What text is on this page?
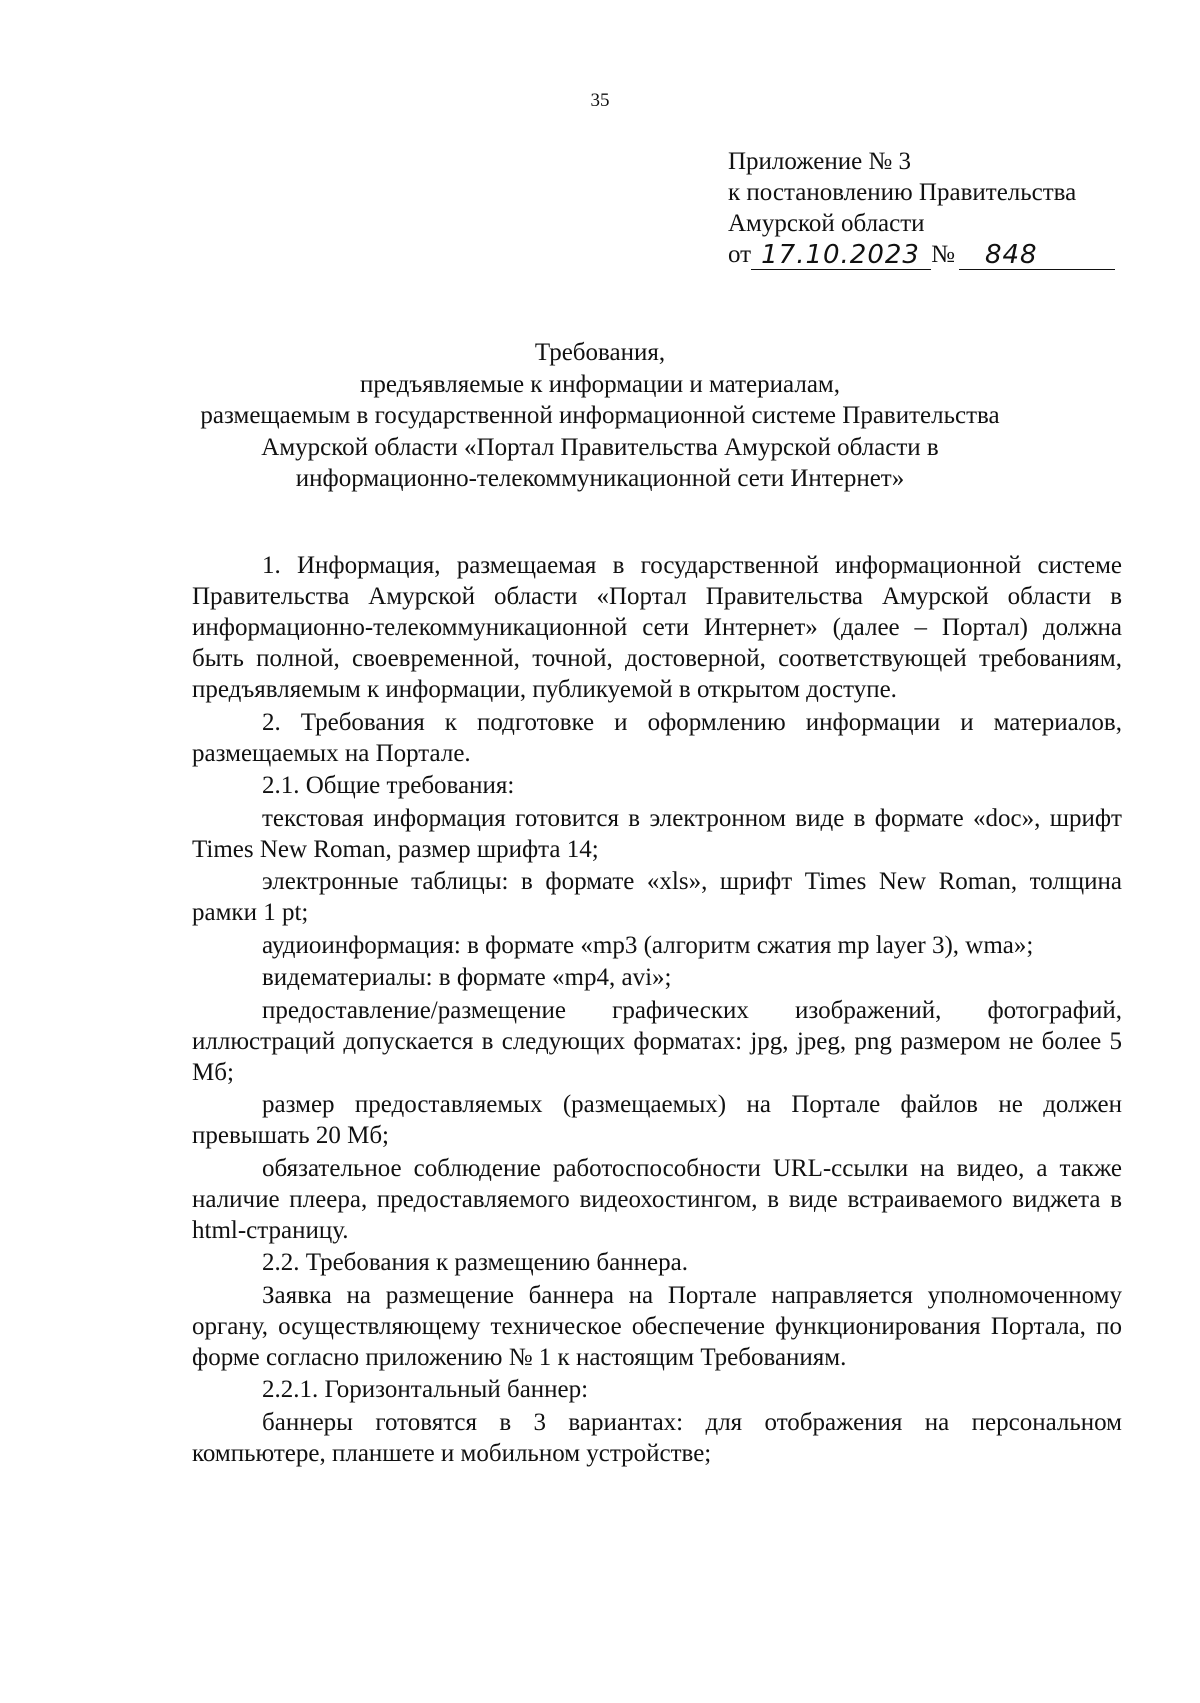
35
Приложение № 3
к постановлению Правительства
Амурской области
от 17.10.2023 №	848
Требования,
предъявляемые к информации и материалам,
размещаемым в государственной информационной системе Правительства
Амурской области «Портал Правительства Амурской области в
информационно-телекоммуникационной сети Интернет»

1. Информация, размещаемая в государственной информационной системе Правительства Амурской области «Портал Правительства Амурской области в информационно-телекоммуникационной сети Интернет» (далее – Портал) должна быть полной, своевременной, точной, достоверной, соответствующей требованиям, предъявляемым к информации, публикуемой в открытом доступе.

2. Требования к подготовке и оформлению информации и материалов, размещаемых на Портале.

2.1. Общие требования:

текстовая информация готовится в электронном виде в формате «doc», шрифт Times New Roman, размер шрифта 14;

электронные таблицы: в формате «xls», шрифт Times New Roman, толщина рамки 1 pt;

аудиоинформация: в формате «mp3 (алгоритм сжатия mp layer 3), wma»;

видематериалы: в формате «mp4, avi»;

предоставление/размещение графических изображений, фотографий, иллюстраций допускается в следующих форматах: jpg, jpeg, png размером не более 5 Мб;

размер предоставляемых (размещаемых) на Портале файлов не должен превышать 20 Мб;

обязательное соблюдение работоспособности URL-ссылки на видео, а также наличие плеера, предоставляемого видеохостингом, в виде встраиваемого виджета в html-страницу.

2.2. Требования к размещению баннера.

Заявка на размещение баннера на Портале направляется уполномоченному органу, осуществляющему техническое обеспечение функционирования Портала, по форме согласно приложению № 1 к настоящим Требованиям.

2.2.1. Горизонтальный баннер:

баннеры готовятся в 3 вариантах: для отображения на персональном компьютере, планшете и мобильном устройстве;
